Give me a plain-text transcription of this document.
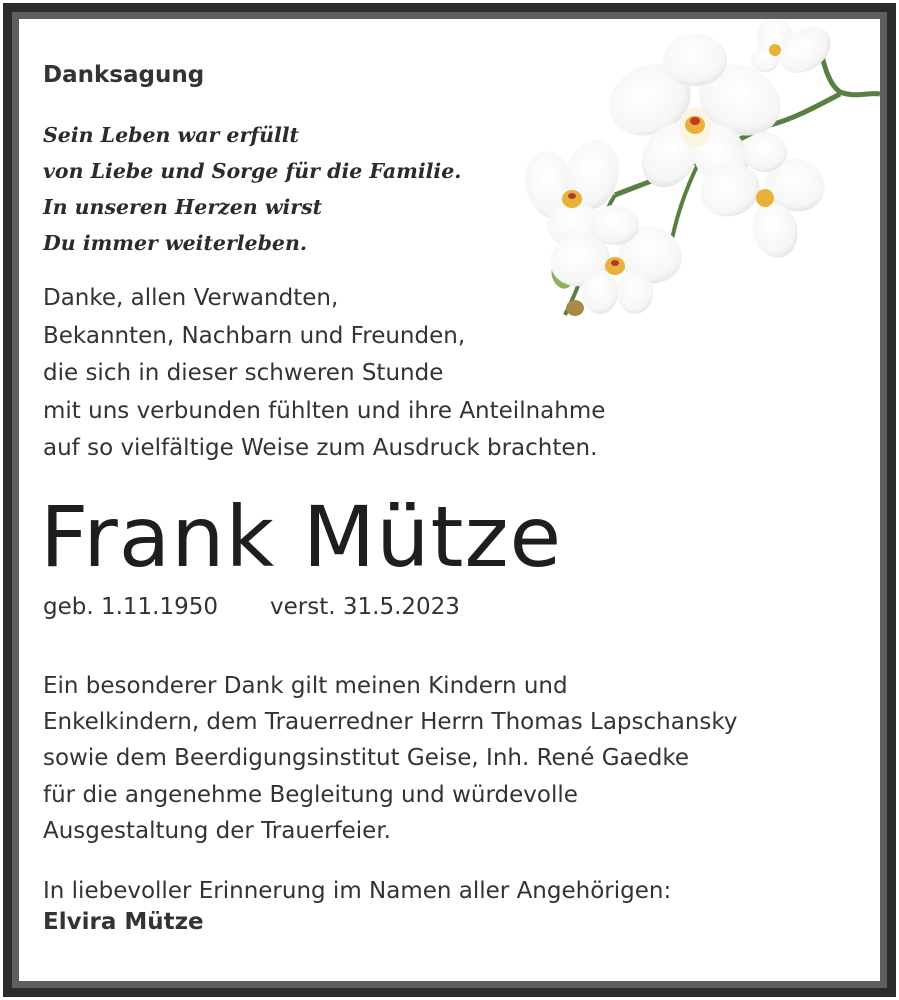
Danksagung
Sein Leben war erfüllt
von Liebe und Sorge für die Familie.
In unseren Herzen wirst
Du immer weiterleben.
Danke, allen Verwandten,
Bekannten, Nachbarn und Freunden,
die sich in dieser schweren Stunde
mit uns verbunden fühlten und ihre Anteilnahme
auf so vielfältige Weise zum Ausdruck brachten.
Frank Mütze
geb. 1.11.1950 verst. 31.5.2023
Ein besonderer Dank gilt meinen Kindern und
Enkelkindern, dem Trauerredner Herrn Thomas Lapschansky
sowie dem Beerdigungsinstitut Geise, Inh. René Gaedke
für die angenehme Begleitung und würdevolle
Ausgestaltung der Trauerfeier.
In liebevoller Erinnerung im Namen aller Angehörigen:
Elvira Mütze
